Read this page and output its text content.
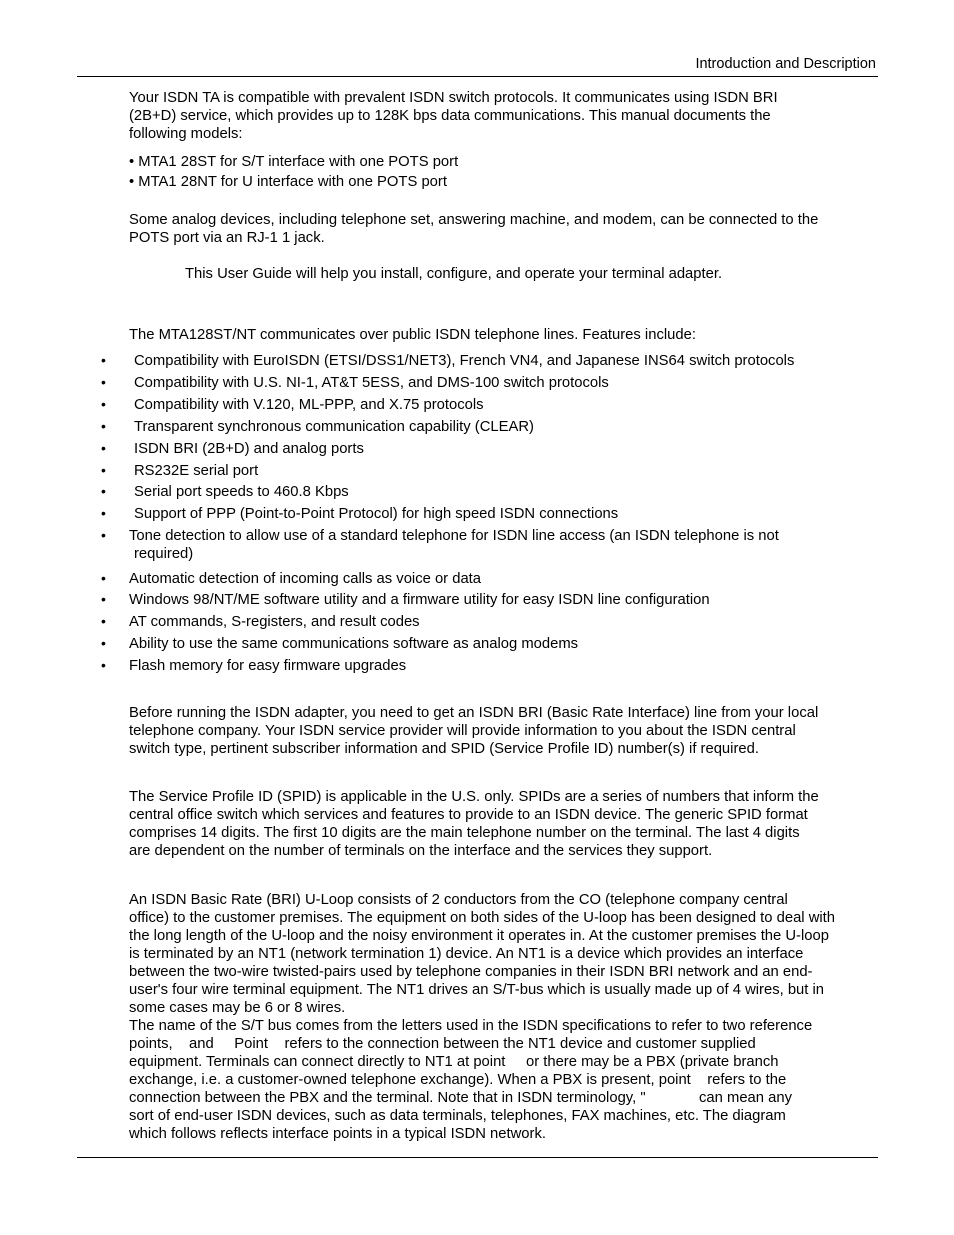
Introduction and Description
Your ISDN TA is compatible with prevalent ISDN switch protocols. It communicates using ISDN BRI
(2B+D) service, which provides up to 128K bps data communications. This manual documents the
following models:
• MTA1 28ST for S/T interface with one POTS port
• MTA1 28NT for U interface with one POTS port
Some analog devices, including telephone set, answering machine, and modem, can be connected to the
POTS port via an RJ-1 1 jack.
This User Guide will help you install, configure, and operate your terminal adapter.
The MTA128ST/NT communicates over public ISDN telephone lines. Features include:
• Compatibility with EuroISDN (ETSI/DSS1/NET3), French VN4, and Japanese INS64 switch protocols
• Compatibility with U.S. NI-1, AT&T 5ESS, and DMS-100 switch protocols
• Compatibility with V.120, ML-PPP, and X.75 protocols
• Transparent synchronous communication capability (CLEAR)
• ISDN BRI (2B+D) and analog ports
• RS232E serial port
• Serial port speeds to 460.8 Kbps
• Support of PPP (Point-to-Point Protocol) for high speed ISDN connections
• Tone detection to allow use of a standard telephone for ISDN line access (an ISDN telephone is not
required)
• Automatic detection of incoming calls as voice or data
• Windows 98/NT/ME software utility and a firmware utility for easy ISDN line configuration
• AT commands, S-registers, and result codes
• Ability to use the same communications software as analog modems
• Flash memory for easy firmware upgrades
Before running the ISDN adapter, you need to get an ISDN BRI (Basic Rate Interface) line from your local
telephone company. Your ISDN service provider will provide information to you about the ISDN central
switch type, pertinent subscriber information and SPID (Service Profile ID) number(s) if required.
The Service Profile ID (SPID) is applicable in the U.S. only. SPIDs are a series of numbers that inform the
central office switch which services and features to provide to an ISDN device. The generic SPID format
comprises 14 digits. The first 10 digits are the main telephone number on the terminal. The last 4 digits
are dependent on the number of terminals on the interface and the services they support.
An ISDN Basic Rate (BRI) U-Loop consists of 2 conductors from the CO (telephone company central
office) to the customer premises. The equipment on both sides of the U-loop has been designed to deal with
the long length of the U-loop and the noisy environment it operates in. At the customer premises the U-loop
is terminated by an NT1 (network termination 1) device. An NT1 is a device which provides an interface
between the two-wire twisted-pairs used by telephone companies in their ISDN BRI network and an end-
user's four wire terminal equipment. The NT1 drives an S/T-bus which is usually made up of 4 wires, but in
some cases may be 6 or 8 wires.
The name of the S/T bus comes from the letters used in the ISDN specifications to refer to two reference
points,    and     Point    refers to the connection between the NT1 device and customer supplied
equipment. Terminals can connect directly to NT1 at point     or there may be a PBX (private branch
exchange, i.e. a customer-owned telephone exchange). When a PBX is present, point    refers to the
connection between the PBX and the terminal. Note that in ISDN terminology, "             can mean any
sort of end-user ISDN devices, such as data terminals, telephones, FAX machines, etc. The diagram
which follows reflects interface points in a typical ISDN network.
